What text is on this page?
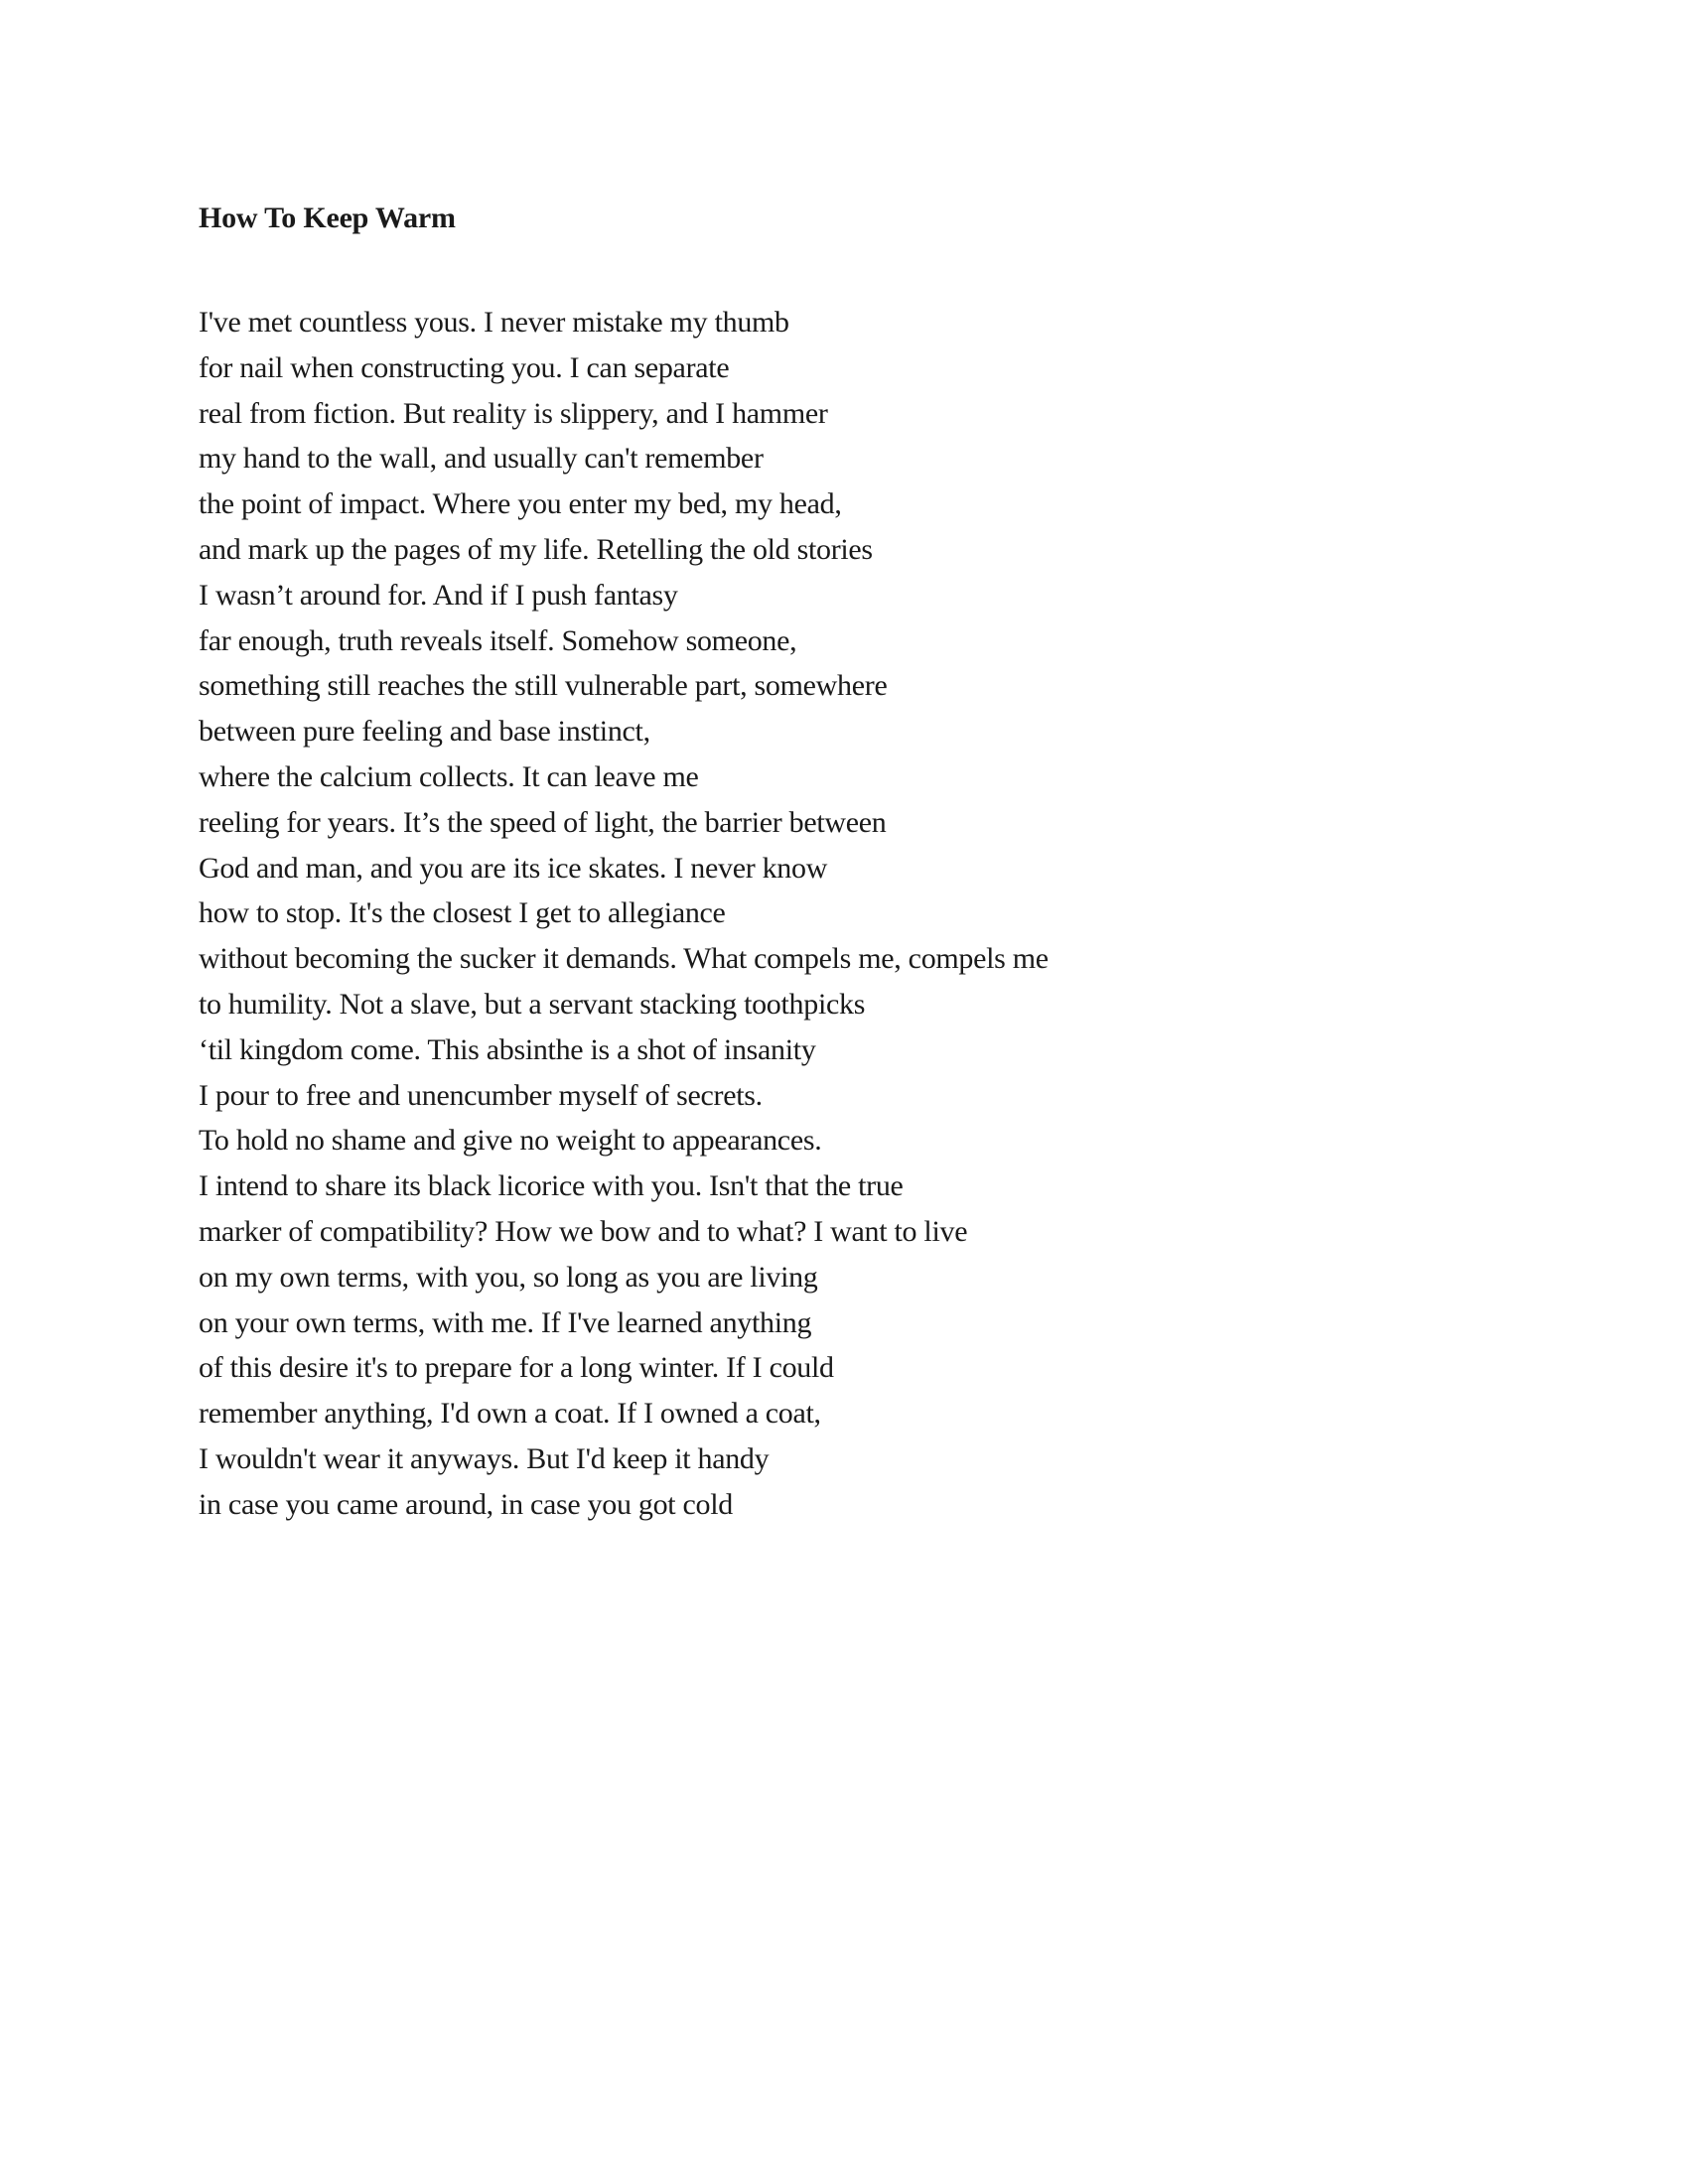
How To Keep Warm
I've met countless yous. I never mistake my thumb
for nail when constructing you. I can separate
real from fiction. But reality is slippery, and I hammer
my hand to the wall, and usually can't remember
the point of impact. Where you enter my bed, my head,
and mark up the pages of my life. Retelling the old stories
I wasn’t around for. And if I push fantasy
far enough, truth reveals itself. Somehow someone,
something still reaches the still vulnerable part, somewhere
between pure feeling and base instinct,
where the calcium collects. It can leave me
reeling for years. It’s the speed of light, the barrier between
God and man, and you are its ice skates. I never know
how to stop. It's the closest I get to allegiance
without becoming the sucker it demands. What compels me, compels me
to humility. Not a slave, but a servant stacking toothpicks
‘til kingdom come. This absinthe is a shot of insanity
I pour to free and unencumber myself of secrets.
To hold no shame and give no weight to appearances.
I intend to share its black licorice with you. Isn't that the true
marker of compatibility? How we bow and to what? I want to live
on my own terms, with you, so long as you are living
on your own terms, with me. If I've learned anything
of this desire it's to prepare for a long winter. If I could
remember anything, I'd own a coat. If I owned a coat,
I wouldn't wear it anyways. But I'd keep it handy
in case you came around, in case you got cold
